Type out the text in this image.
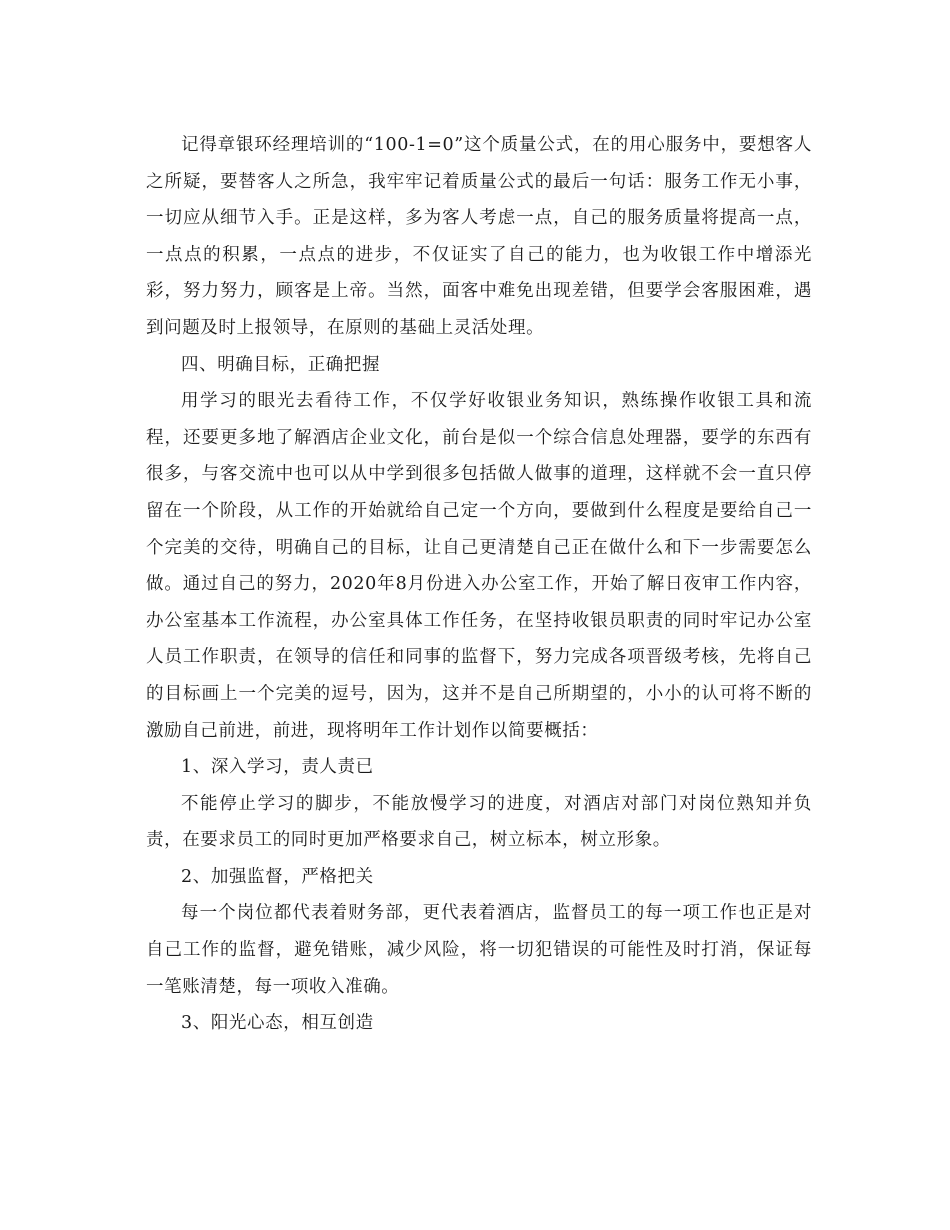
记得章银环经理培训的“100-1=0”这个质量公式，在的用心服务中，要想客人之所疑，要替客人之所急，我牢牢记着质量公式的最后一句话：服务工作无小事，一切应从细节入手。正是这样，多为客人考虑一点，自己的服务质量将提高一点，一点点的积累，一点点的进步，不仅证实了自己的能力，也为收银工作中增添光彩，努力努力，顾客是上帝。当然，面客中难免出现差错，但要学会客服困难，遇到问题及时上报领导，在原则的基础上灵活处理。

四、明确目标，正确把握

用学习的眼光去看待工作，不仅学好收银业务知识，熟练操作收银工具和流程，还要更多地了解酒店企业文化，前台是似一个综合信息处理器，要学的东西有很多，与客交流中也可以从中学到很多包括做人做事的道理，这样就不会一直只停留在一个阶段，从工作的开始就给自己定一个方向，要做到什么程度是要给自己一个完美的交待，明确自己的目标，让自己更清楚自己正在做什么和下一步需要怎么做。通过自己的努力，2020年8月份进入办公室工作，开始了解日夜审工作内容，办公室基本工作流程，办公室具体工作任务，在坚持收银员职责的同时牢记办公室人员工作职责，在领导的信任和同事的监督下，努力完成各项晋级考核，先将自己的目标画上一个完美的逗号，因为，这并不是自己所期望的，小小的认可将不断的激励自己前进，前进，现将明年工作计划作以简要概括：

1、深入学习，责人责已

不能停止学习的脚步，不能放慢学习的进度，对酒店对部门对岗位熟知并负责，在要求员工的同时更加严格要求自己，树立标本，树立形象。

2、加强监督，严格把关

每一个岗位都代表着财务部，更代表着酒店，监督员工的每一项工作也正是对自己工作的监督，避免错账，减少风险，将一切犯错误的可能性及时打消，保证每一笔账清楚，每一项收入准确。

3、阳光心态，相互创造
